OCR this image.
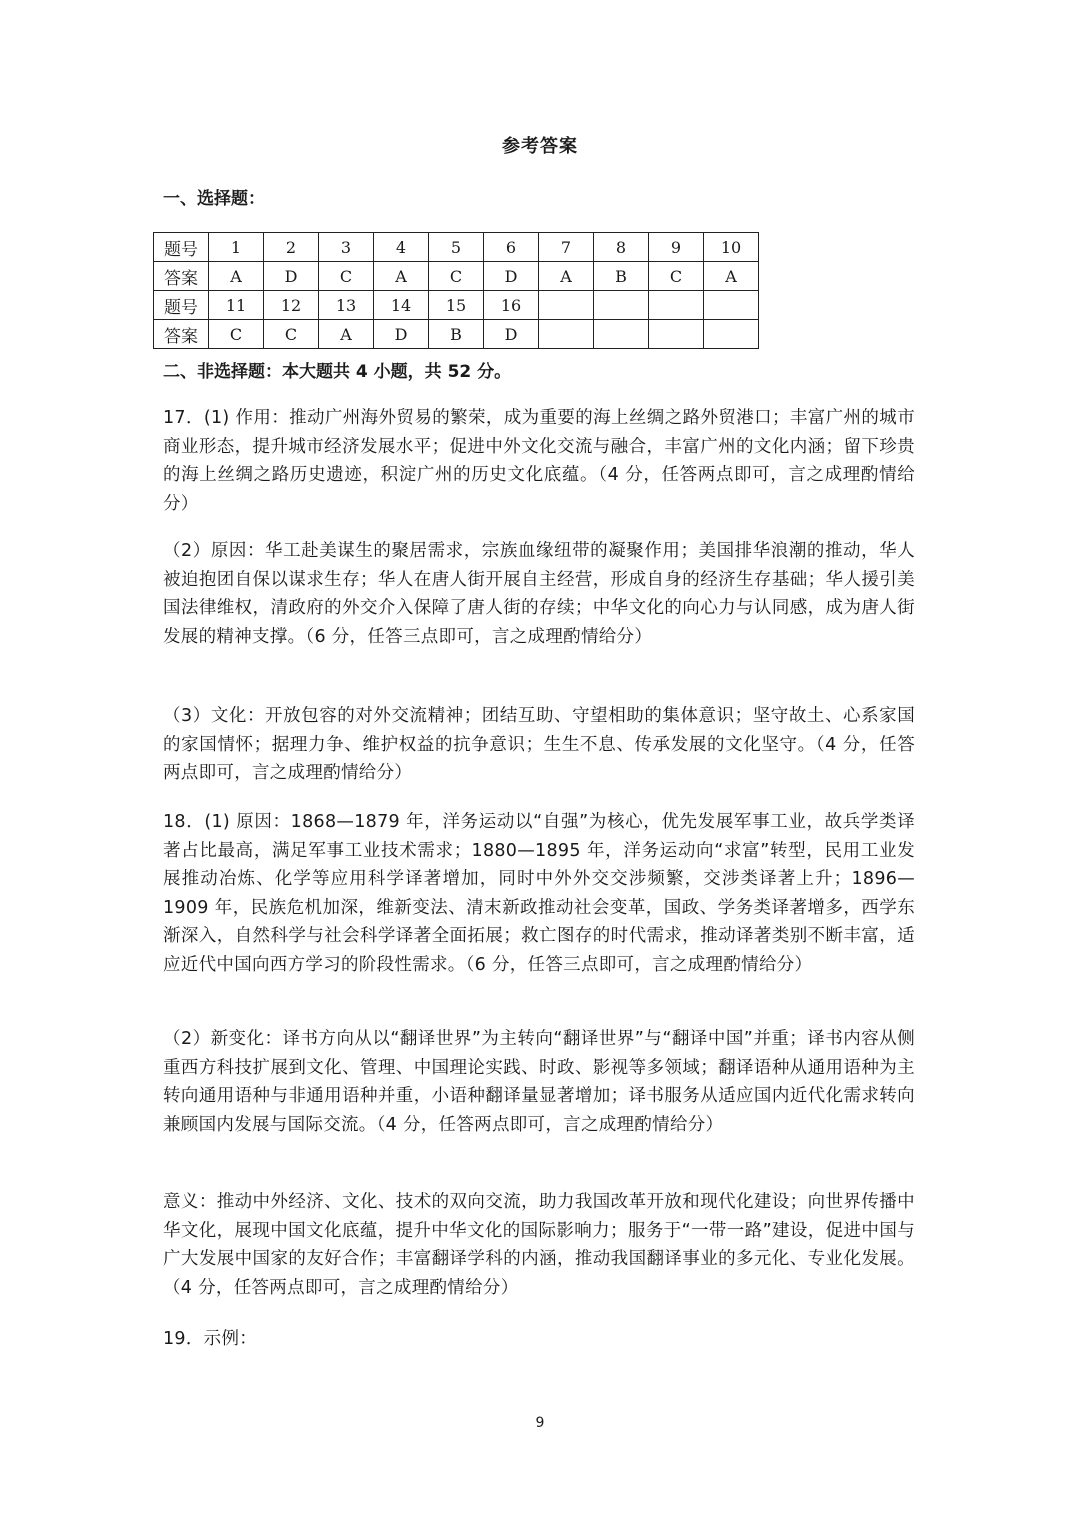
参考答案
一、选择题：
题号	1	2	3	4	5	6	7	8	9	10
答案	A	D	C	A	C	D	A	B	C	A
题号	11	12	13	14	15	16				
答案	C	C	A	D	B	D				
二、非选择题：本大题共 4 小题，共 52 分。
17．(1) 作用：推动广州海外贸易的繁荣，成为重要的海上丝绸之路外贸港口；丰富广州的城市商业形态，提升城市经济发展水平；促进中外文化交流与融合，丰富广州的文化内涵；留下珍贵的海上丝绸之路历史遗迹，积淀广州的历史文化底蕴。（4 分，任答两点即可，言之成理酌情给分）
（2）原因：华工赴美谋生的聚居需求，宗族血缘纽带的凝聚作用；美国排华浪潮的推动，华人被迫抱团自保以谋求生存；华人在唐人街开展自主经营，形成自身的经济生存基础；华人援引美国法律维权，清政府的外交介入保障了唐人街的存续；中华文化的向心力与认同感，成为唐人街发展的精神支撑。（6 分，任答三点即可，言之成理酌情给分）
（3）文化：开放包容的对外交流精神；团结互助、守望相助的集体意识；坚守故土、心系家国的家国情怀；据理力争、维护权益的抗争意识；生生不息、传承发展的文化坚守。（4 分，任答两点即可，言之成理酌情给分）
18．(1) 原因：1868—1879 年，洋务运动以“自强”为核心，优先发展军事工业，故兵学类译著占比最高，满足军事工业技术需求；1880—1895 年，洋务运动向“求富”转型，民用工业发展推动冶炼、化学等应用科学译著增加，同时中外外交交涉频繁，交涉类译著上升；1896—1909 年，民族危机加深，维新变法、清末新政推动社会变革，国政、学务类译著增多，西学东渐深入，自然科学与社会科学译著全面拓展；救亡图存的时代需求，推动译著类别不断丰富，适应近代中国向西方学习的阶段性需求。（6 分，任答三点即可，言之成理酌情给分）
（2）新变化：译书方向从以“翻译世界”为主转向“翻译世界”与“翻译中国”并重；译书内容从侧重西方科技扩展到文化、管理、中国理论实践、时政、影视等多领域；翻译语种从通用语种为主转向通用语种与非通用语种并重，小语种翻译量显著增加；译书服务从适应国内近代化需求转向兼顾国内发展与国际交流。（4 分，任答两点即可，言之成理酌情给分）
意义：推动中外经济、文化、技术的双向交流，助力我国改革开放和现代化建设；向世界传播中华文化，展现中国文化底蕴，提升中华文化的国际影响力；服务于“一带一路”建设，促进中国与广大发展中国家的友好合作；丰富翻译学科的内涵，推动我国翻译事业的多元化、专业化发展。（4 分，任答两点即可，言之成理酌情给分）
19．示例：
9
